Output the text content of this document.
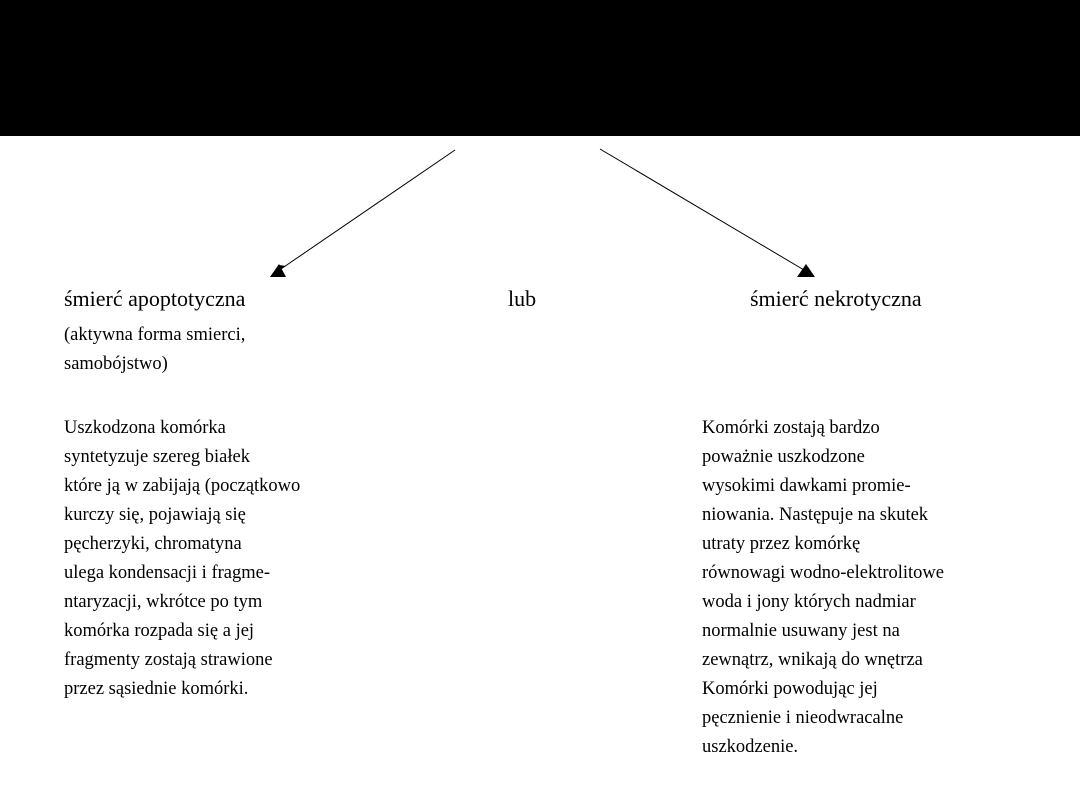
śmierć apoptotyczna	lub	śmierć nekrotyczna
(aktywna forma smierci,
samobójstwo)
Uszkodzona komórka
syntetyzuje szereg białek
które ją w zabijają (początkowo
kurczy się, pojawiają się
pęcherzyki, chromatyna
ulega kondensacji i fragme-
ntaryzacji, wkrótce po tym
komórka rozpada się a jej
fragmenty zostają strawione
przez sąsiednie komórki.
Komórki zostają bardzo
poważnie uszkodzone
wysokimi dawkami promie-
niowania. Następuje na skutek
utraty przez komórkę
równowagi wodno-elektrolitowe
woda i jony których nadmiar
normalnie usuwany jest na
zewnątrz, wnikają do wnętrza
Komórki powodując jej
pęcznienie i nieodwracalne
uszkodzenie.
